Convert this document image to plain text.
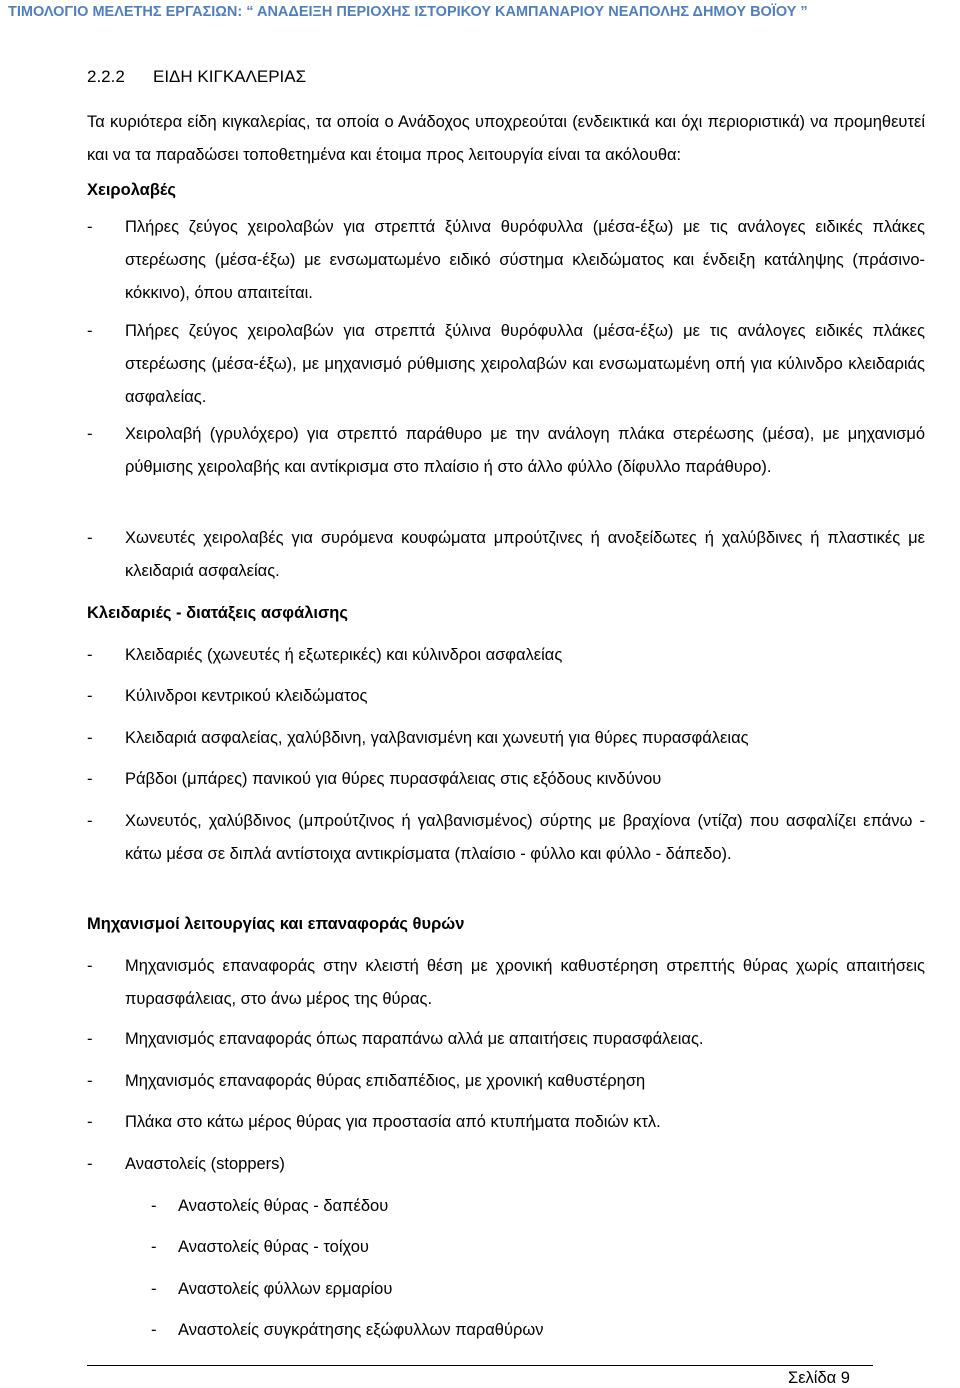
ΤΙΜΟΛΟΓΙΟ ΜΕΛΕΤΗΣ ΕΡΓΑΣΙΩΝ: “ ΑΝΑΔΕΙΞΗ ΠΕΡΙΟΧΗΣ ΙΣΤΟΡΙΚΟΥ ΚΑΜΠΑΝΑΡΙΟΥ ΝΕΑΠΟΛΗΣ ΔΗΜΟΥ ΒΟΪΟΥ ”
2.2.2 ΕΙΔΗ ΚΙΓΚΑΛΕΡΙΑΣ
Τα κυριότερα είδη κιγκαλερίας, τα οποία ο Ανάδοχος υποχρεούται (ενδεικτικά και όχι περιοριστικά) να προμηθευτεί και να τα παραδώσει τοποθετημένα και έτοιμα προς λειτουργία είναι τα ακόλουθα:
Χειρολαβές
- Πλήρες ζεύγος χειρολαβών για στρεπτά ξύλινα θυρόφυλλα (μέσα-έξω) με τις ανάλογες ειδικές πλάκες στερέωσης (μέσα-έξω) με ενσωματωμένο ειδικό σύστημα κλειδώματος και ένδειξη κατάληψης (πράσινο-κόκκινο), όπου απαιτείται.
- Πλήρες ζεύγος χειρολαβών για στρεπτά ξύλινα θυρόφυλλα (μέσα-έξω) με τις ανάλογες ειδικές πλάκες στερέωσης (μέσα-έξω), με μηχανισμό ρύθμισης χειρολαβών και ενσωματωμένη οπή για κύλινδρο κλειδαριάς ασφαλείας.
- Χειρολαβή (γρυλόχερο) για στρεπτό παράθυρο με την ανάλογη πλάκα στερέωσης (μέσα), με μηχανισμό ρύθμισης χειρολαβής και αντίκρισμα στο πλαίσιο ή στο άλλο φύλλο (δίφυλλο παράθυρο).
- Χωνευτές χειρολαβές για συρόμενα κουφώματα μπρούτζινες ή ανοξείδωτες ή χαλύβδινες ή πλαστικές με κλειδαριά ασφαλείας.
Κλειδαριές - διατάξεις ασφάλισης
- Κλειδαριές (χωνευτές ή εξωτερικές) και κύλινδροι ασφαλείας
- Κύλινδροι κεντρικού κλειδώματος
- Κλειδαριά ασφαλείας, χαλύβδινη, γαλβανισμένη και χωνευτή για θύρες πυρασφάλειας
- Ράβδοι (μπάρες) πανικού για θύρες πυρασφάλειας στις εξόδους κινδύνου
- Χωνευτός, χαλύβδινος (μπρούτζινος ή γαλβανισμένος) σύρτης με βραχίονα (ντίζα) που ασφαλίζει επάνω - κάτω μέσα σε διπλά αντίστοιχα αντικρίσματα (πλαίσιο - φύλλο και φύλλο - δάπεδο).
Μηχανισμοί λειτουργίας και επαναφοράς θυρών
- Μηχανισμός επαναφοράς στην κλειστή θέση με χρονική καθυστέρηση στρεπτής θύρας χωρίς απαιτήσεις πυρασφάλειας, στο άνω μέρος της θύρας.
- Μηχανισμός επαναφοράς όπως παραπάνω αλλά με απαιτήσεις πυρασφάλειας.
- Μηχανισμός επαναφοράς θύρας επιδαπέδιος, με χρονική καθυστέρηση
- Πλάκα στο κάτω μέρος θύρας για προστασία από κτυπήματα ποδιών κτλ.
- Αναστολείς (stoppers)
- Αναστολείς θύρας - δαπέδου
- Αναστολείς θύρας - τοίχου
- Αναστολείς φύλλων ερμαρίου
- Αναστολείς συγκράτησης εξώφυλλων παραθύρων
Σελίδα 9
